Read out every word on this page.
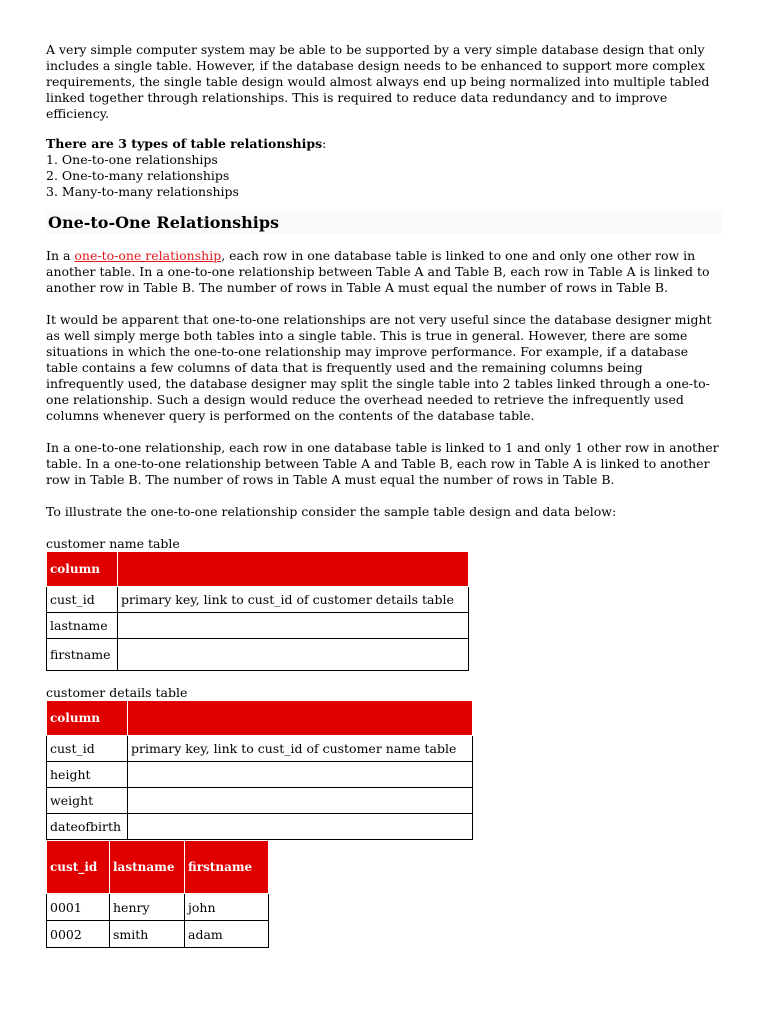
A very simple computer system may be able to be supported by a very simple database design that only includes a single table. However, if the database design needs to be enhanced to support more complex requirements, the single table design would almost always end up being normalized into multiple tabled linked together through relationships. This is required to reduce data redundancy and to improve efficiency.

There are 3 types of table relationships:

1. One-to-one relationships
2. One-to-many relationships
3. Many-to-many relationships
One-to-One Relationships

In a one-to-one relationship, each row in one database table is linked to one and only one other row in another table. In a one-to-one relationship between Table A and Table B, each row in Table A is linked to another row in Table B. The number of rows in Table A must equal the number of rows in Table B.

It would be apparent that one-to-one relationships are not very useful since the database designer might as well simply merge both tables into a single table. This is true in general. However, there are some situations in which the one-to-one relationship may improve performance. For example, if a database table contains a few columns of data that is frequently used and the remaining columns being infrequently used, the database designer may split the single table into 2 tables linked through a one-to-one relationship. Such a design would reduce the overhead needed to retrieve the infrequently used columns whenever query is performed on the contents of the database table.

In a one-to-one relationship, each row in one database table is linked to 1 and only 1 other row in another table. In a one-to-one relationship between Table A and Table B, each row in Table A is linked to another row in Table B. The number of rows in Table A must equal the number of rows in Table B.

To illustrate the one-to-one relationship consider the sample table design and data below:

customer name table

column	
cust_id	primary key, link to cust_id of customer details table
lastname	
firstname	

customer details table

column	
cust_id	primary key, link to cust_id of customer name table
height	
weight	
dateofbirth	
cust_id	lastname	firstname
0001	henry	john
0002	smith	adam
